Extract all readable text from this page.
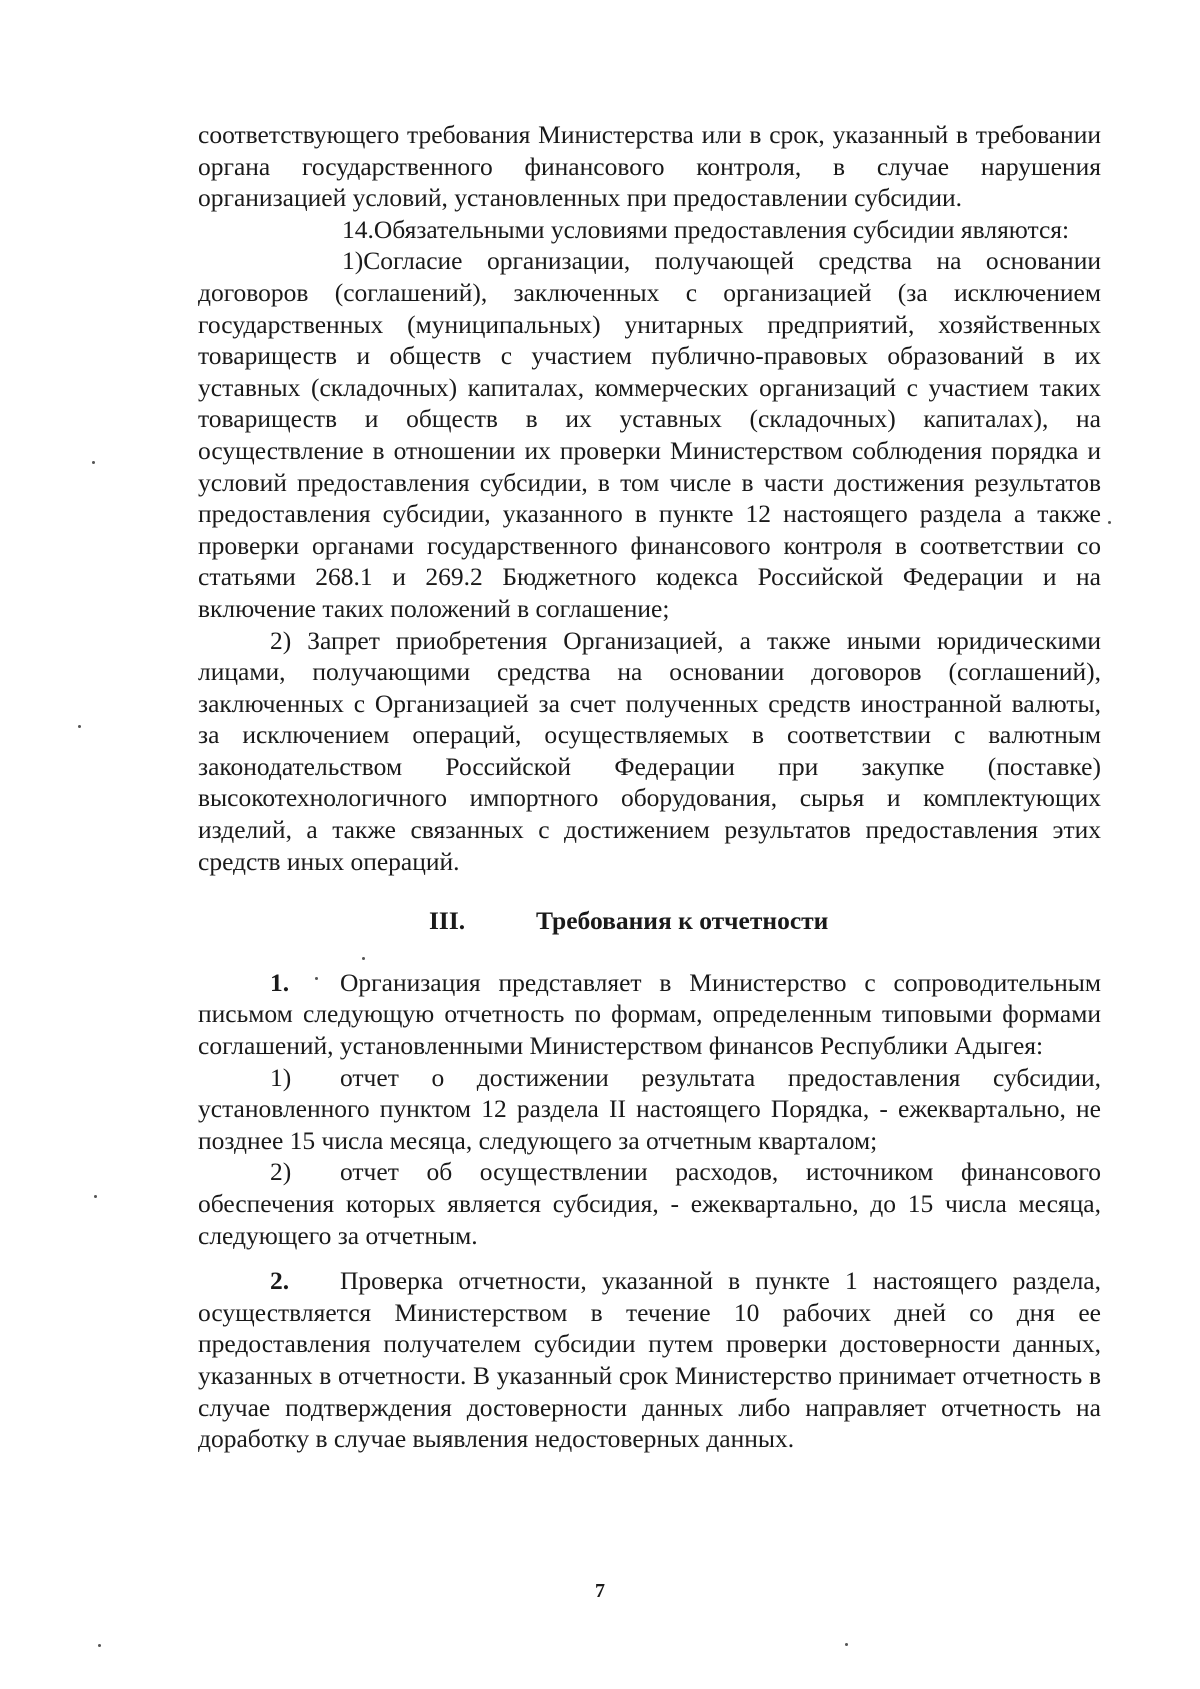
соответствующего требования Министерства или в срок, указанный в требовании органа государственного финансового контроля, в случае нарушения организацией условий, установленных при предоставлении субсидии.

14.Обязательными условиями предоставления субсидии являются:

1)Согласие организации, получающей средства на основании договоров (соглашений), заключенных с организацией (за исключением государственных (муниципальных) унитарных предприятий, хозяйственных товариществ и обществ с участием публично-правовых образований в их уставных (складочных) капиталах, коммерческих организаций с участием таких товариществ и обществ в их уставных (складочных) капиталах), на осуществление в отношении их проверки Министерством соблюдения порядка и условий предоставления субсидии, в том числе в части достижения результатов предоставления субсидии, указанного в пункте 12 настоящего раздела а также проверки органами государственного финансового контроля в соответствии со статьями 268.1 и 269.2 Бюджетного кодекса Российской Федерации и на включение таких положений в соглашение;

2) Запрет приобретения Организацией, а также иными юридическими лицами, получающими средства на основании договоров (соглашений), заключенных с Организацией за счет полученных средств иностранной валюты, за исключением операций, осуществляемых в соответствии с валютным законодательством Российской Федерации при закупке (поставке) высокотехнологичного импортного оборудования, сырья и комплектующих изделий, а также связанных с достижением результатов предоставления этих средств иных операций.

III.	Требования к отчетности

1. Организация представляет в Министерство с сопроводительным письмом следующую отчетность по формам, определенным типовыми формами соглашений, установленными Министерством финансов Республики Адыгея:

1) отчет о достижении результата предоставления субсидии, установленного пунктом 12 раздела II настоящего Порядка, - ежеквартально, не позднее 15 числа месяца, следующего за отчетным кварталом;

2) отчет об осуществлении расходов, источником финансового обеспечения которых является субсидия, - ежеквартально, до 15 числа месяца, следующего за отчетным.

2. Проверка отчетности, указанной в пункте 1 настоящего раздела, осуществляется Министерством в течение 10 рабочих дней со дня ее предоставления получателем субсидии путем проверки достоверности данных, указанных в отчетности. В указанный срок Министерство принимает отчетность в случае подтверждения достоверности данных либо направляет отчетность на доработку в случае выявления недостоверных данных.

7
